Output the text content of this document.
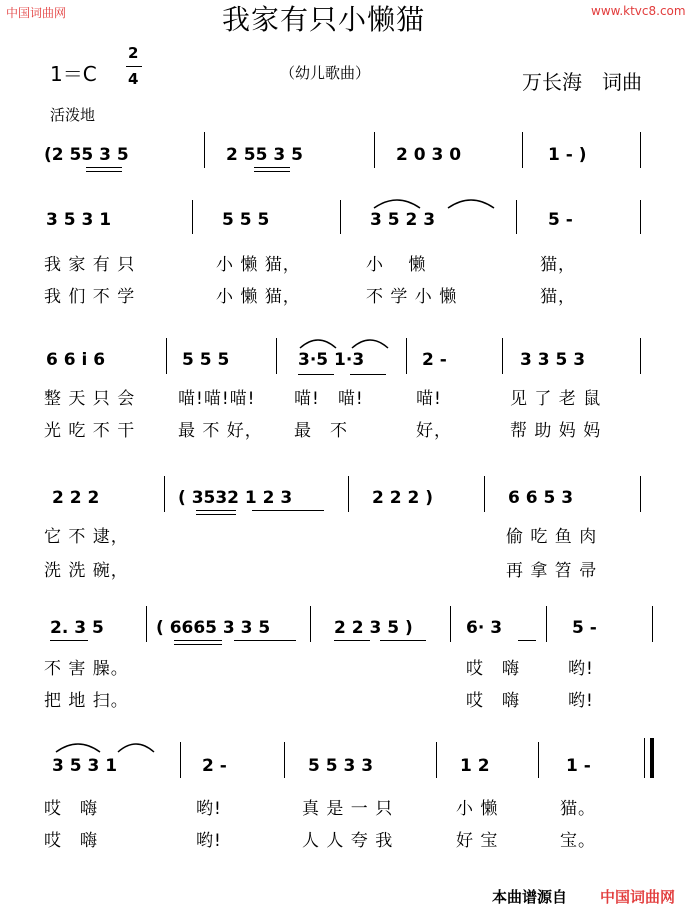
中国词曲网	www.ktvc8.com
我家有只小懒猫
1＝C
2
4	（幼儿歌曲）	万长海　词曲
活泼地
(2 55 3 5	2 55 3 5	2 0 3 0	1 - )
3 5 3 1	5 5 5	3 5 2 3	5 -
我 家 有 只	小 懒 猫，	小　 懒	猫，
我 们 不 学	小 懒 猫，	不 学 小 懒	猫，
6 6 i 6	5 5 5	3·5 1·3	2 -	3 3 5 3
整 天 只 会	喵!喵!喵! 喵!　喵!	喵!	见 了 老 鼠
光 吃 不 干	最 不 好， 最　不	好，	帮 助 妈 妈
2 2 2	( 3532 1 2 3	2 2 2 )	6 6 5 3
它 不 逮，	偷 吃 鱼 肉
洗 洗 碗，	再 拿 笤 帚
2. 3 5	( 6665 3 3 5	2 2 3 5 )	6· 3	5 -
不 害 臊。	哎　嗨	哟!
把 地 扫。	哎　嗨	哟!
3 5 3 1	2 -	5 5 3 3	1 2	1 -
哎　嗨	哟!	真 是 一 只	小 懒	猫。
哎　嗨	哟!	人 人 夸 我	好 宝	宝。
本曲谱源自 中国词曲网
